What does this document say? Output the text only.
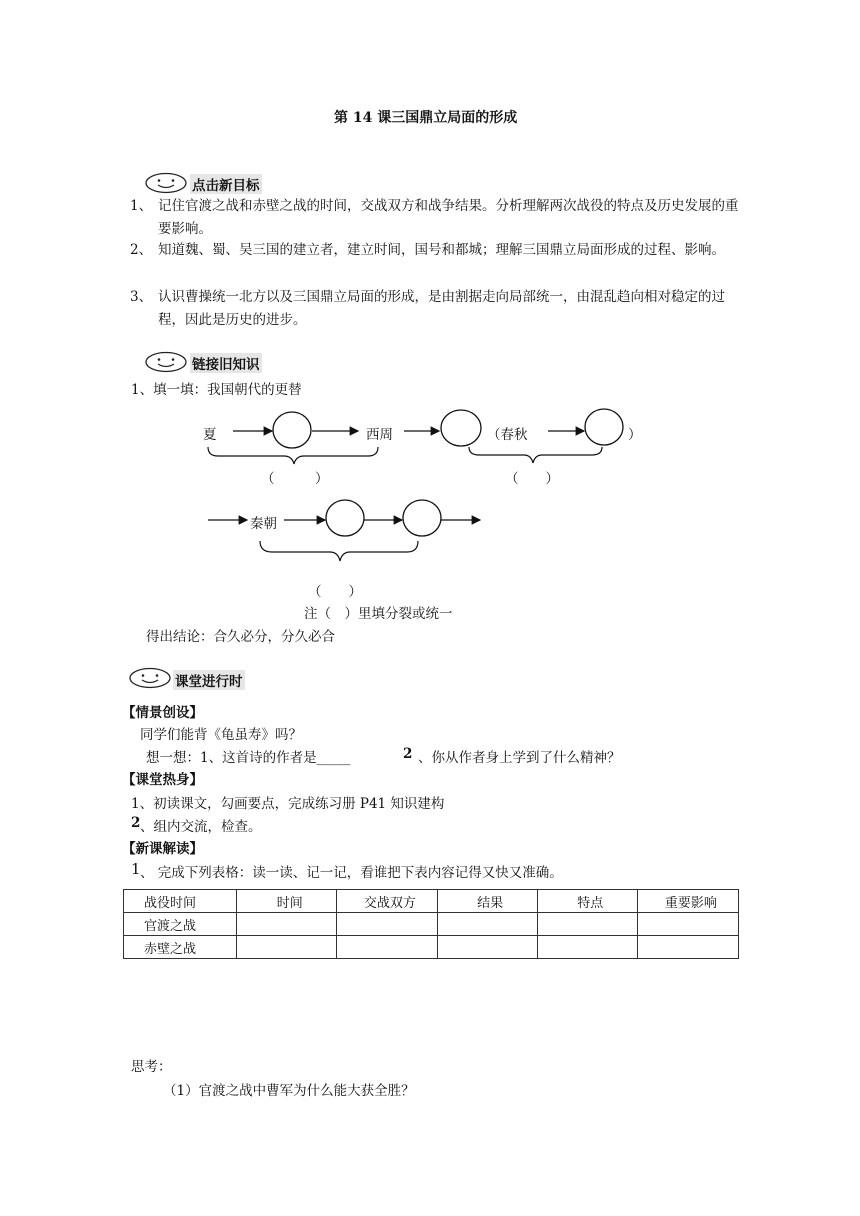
第 14 课三国鼎立局面的形成
点击新目标
1、 记住官渡之战和赤壁之战的时间，交战双方和战争结果。分析理解两次战役的特点及历史发展的重要影响。
2、 知道魏、蜀、吴三国的建立者，建立时间，国号和都城；理解三国鼎立局面形成的过程、影响。
3、 认识曹操统一北方以及三国鼎立局面的形成，是由割据走向局部统一，由混乱趋向相对稳定的过程，因此是历史的进步。
链接旧知识
1、填一填：我国朝代的更替
夏	西周	（春秋	）
（　　　）	（　　）
秦朝
（　　）
注（　）里填分裂或统一
得出结论：合久必分，分久必合
课堂进行时
【情景创设】
同学们能背《龟虽寿》吗？
想一想：1、这首诗的作者是_____	2 、你从作者身上学到了什么精神？
【课堂热身】
1、初读课文，勾画要点，完成练习册 P41 知识建构
2 、组内交流，检查。
【新课解读】
1 、 完成下列表格：读一读、记一记，看谁把下表内容记得又快又准确。
战役时间	时间	交战双方	结果	特点	重要影响
官渡之战					
赤壁之战					
思考：
（1）官渡之战中曹军为什么能大获全胜？
